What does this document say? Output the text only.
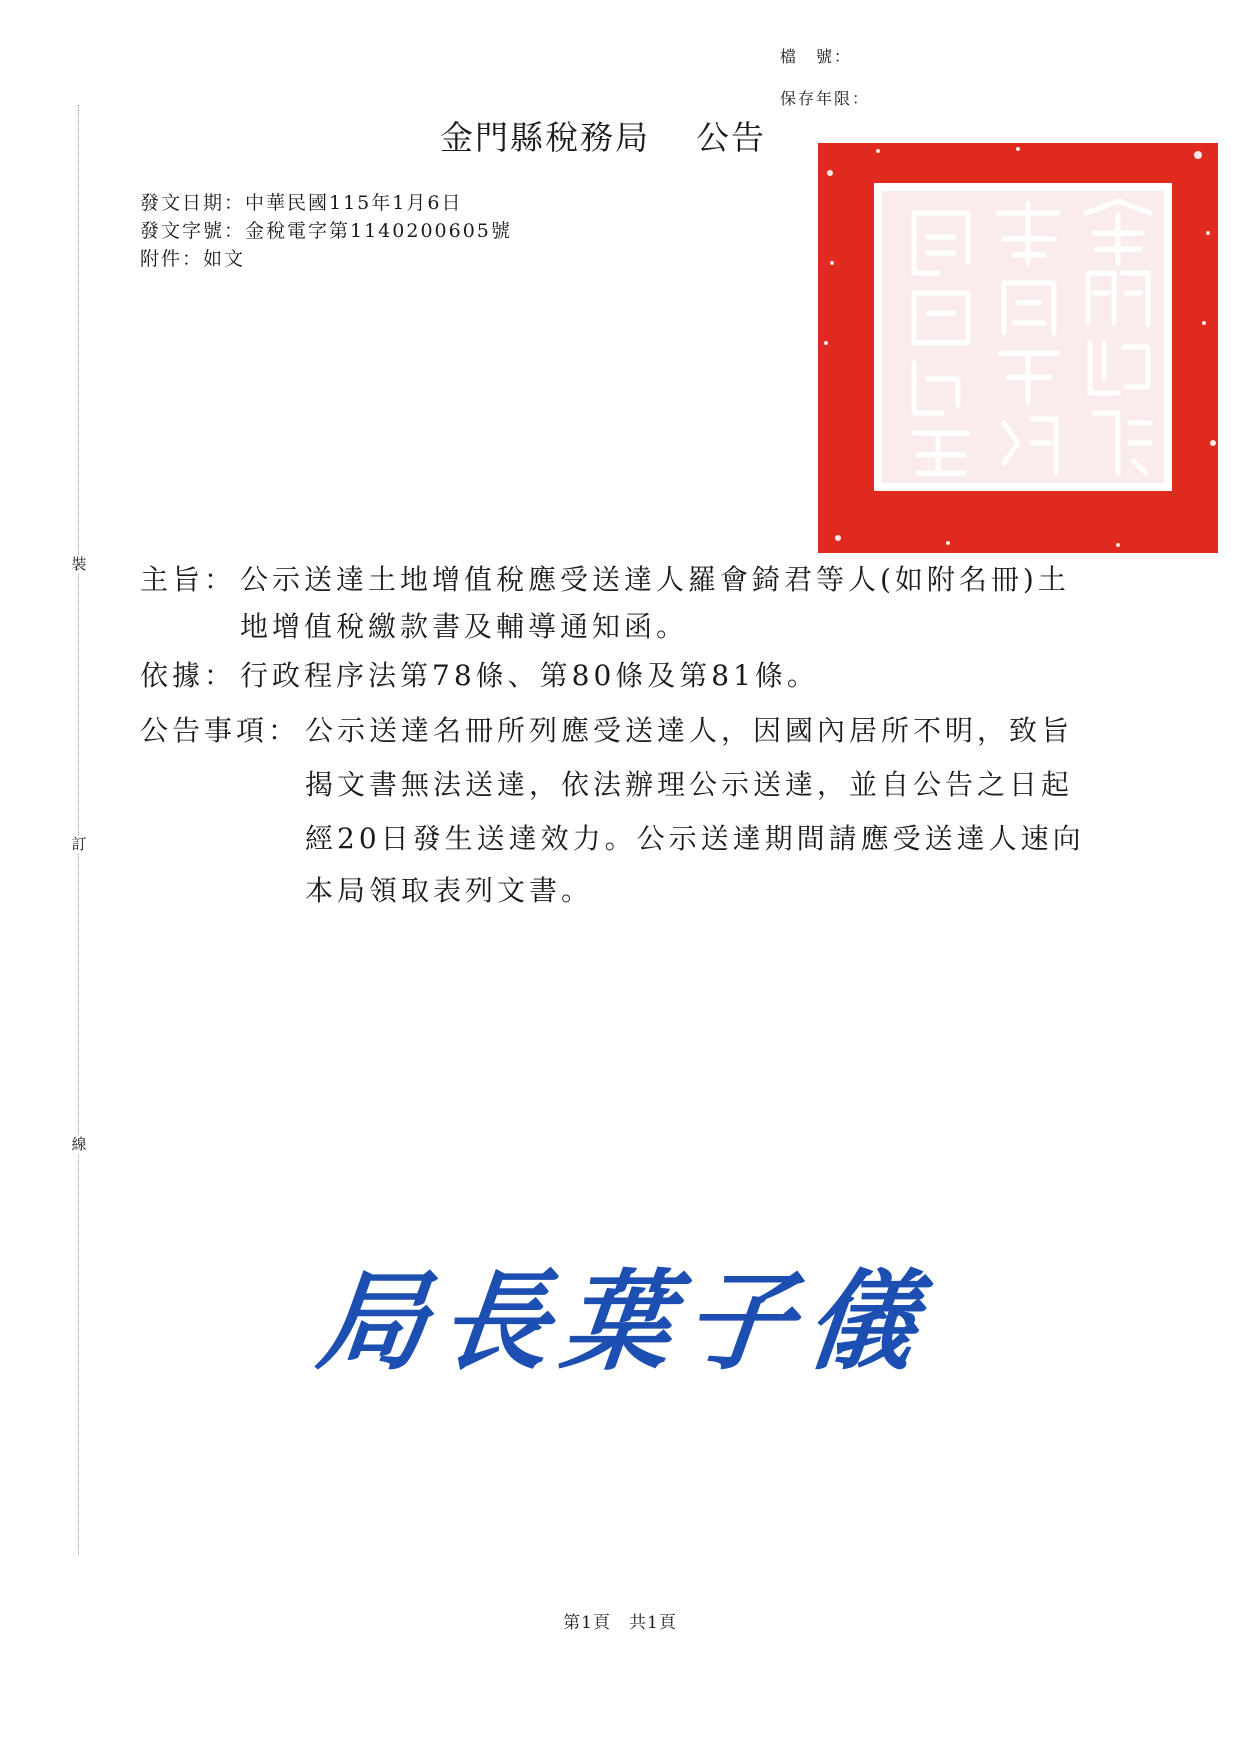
裝
訂
線
檔　號：
保存年限：
金門縣稅務局 公告
發文日期：中華民國115年1月6日
發文字號：金稅電字第1140200605號
附件：如文
主旨： 公示送達土地增值稅應受送達人羅會錡君等人(如附名冊)土
地增值稅繳款書及輔導通知函。
依據： 行政程序法第78條、第80條及第81條。
公告事項： 公示送達名冊所列應受送達人，因國內居所不明，致旨
揭文書無法送達，依法辦理公示送達，並自公告之日起
經20日發生送達效力。公示送達期間請應受送達人速向
本局領取表列文書。
局長葉子儀
第1頁 共1頁
